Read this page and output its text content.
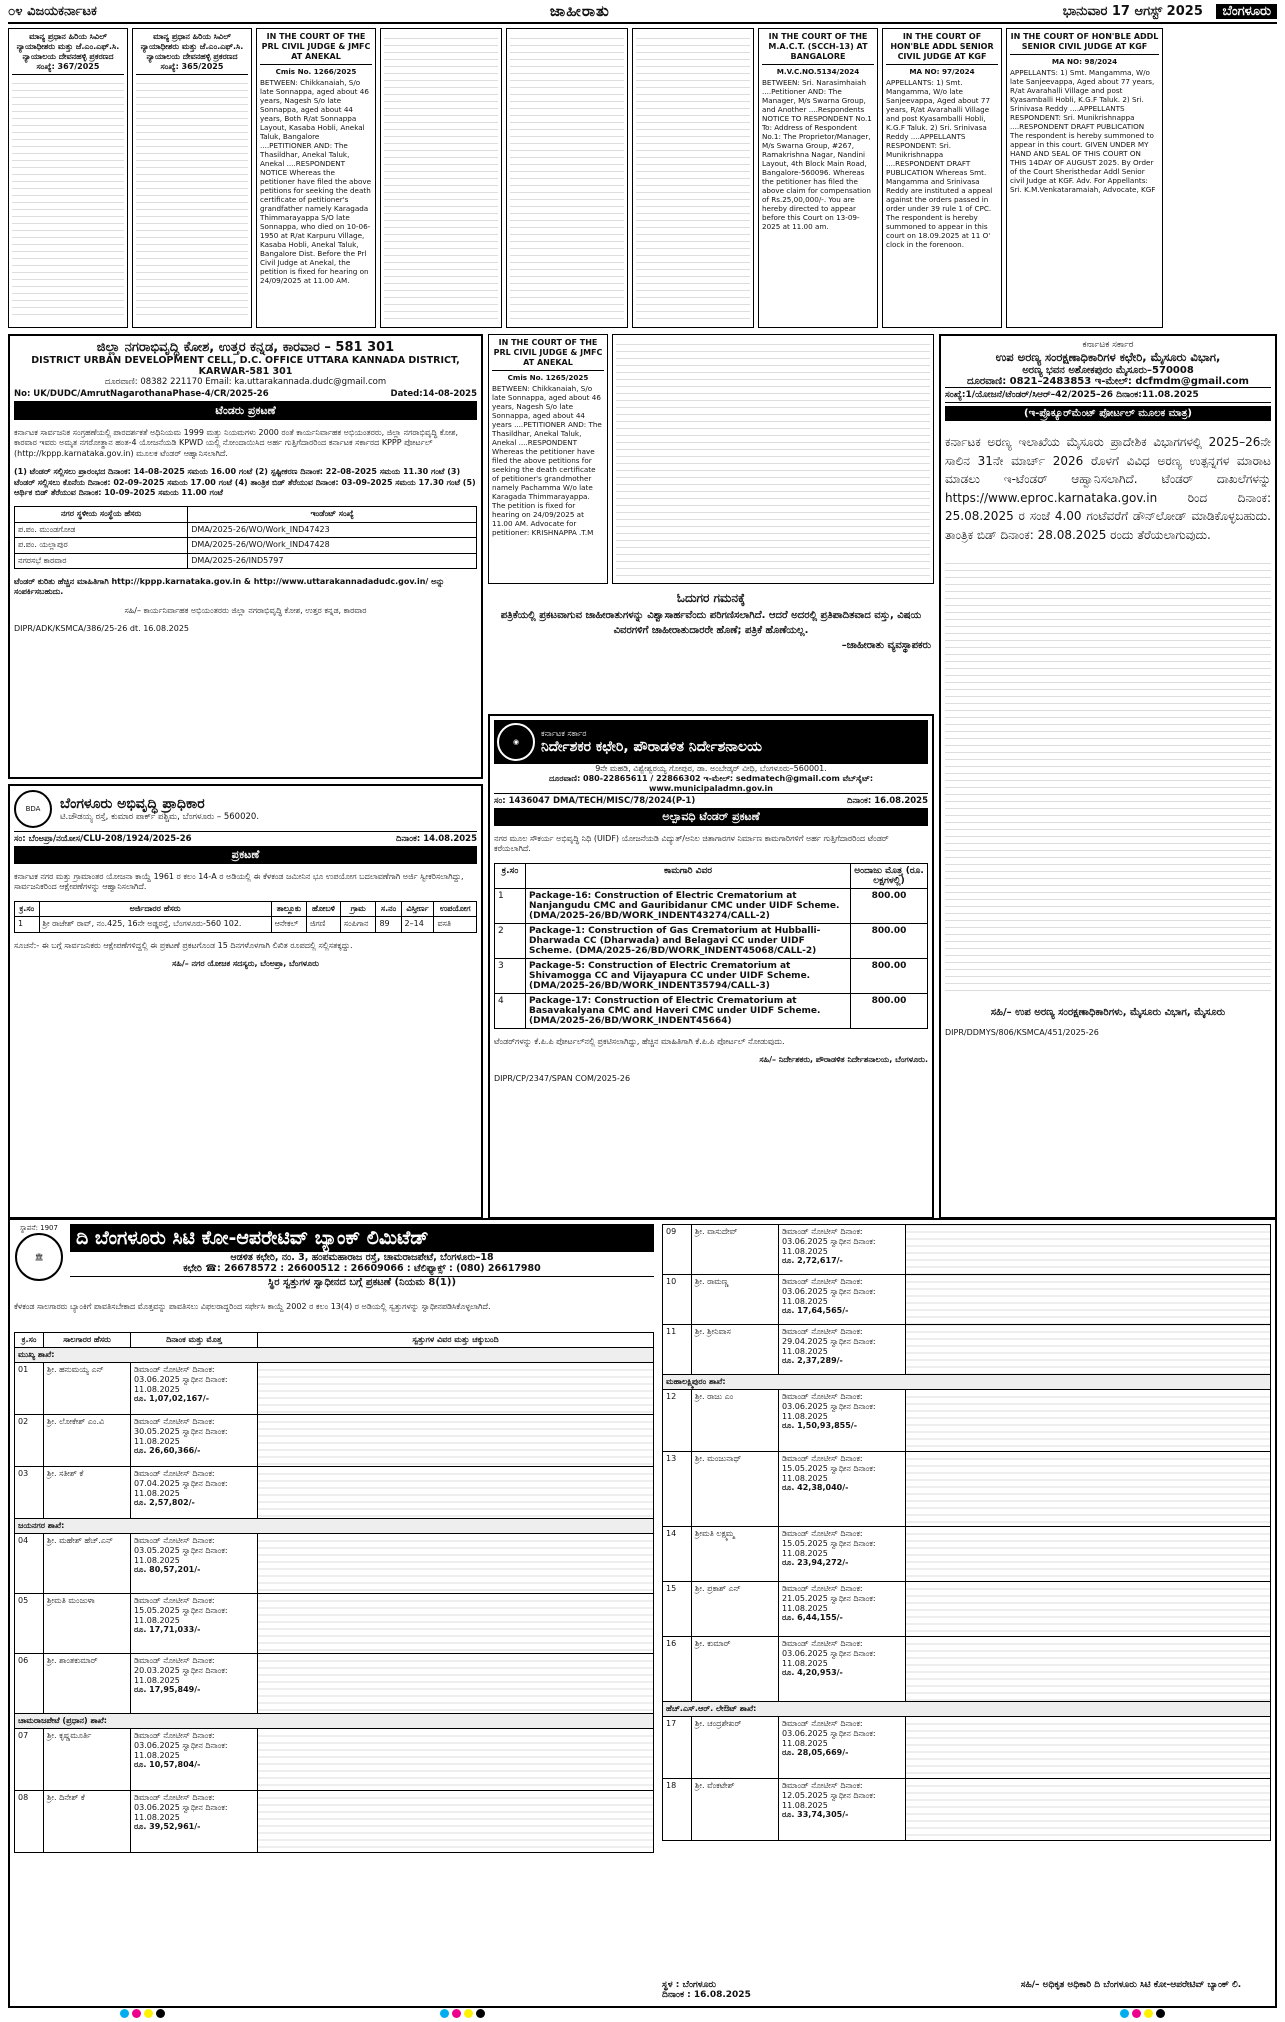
೦೪ ವಿಜಯಕರ್ನಾಟಕ	ಜಾಹೀರಾತು	ಭಾನುವಾರ 17 ಆಗಸ್ಟ್ 2025 ಬೆಂಗಳೂರು
ಮಾನ್ಯ ಪ್ರಧಾನ ಹಿರಿಯ ಸಿವಿಲ್ ನ್ಯಾಯಾಧೀಶರು ಮತ್ತು ಜೆ.ಎಂ.ಎಫ್.ಸಿ. ನ್ಯಾಯಾಲಯ ದೇವನಹಳ್ಳಿ ಪ್ರಕರಣದ ಸಂಖ್ಯೆ: 367/2025
ಮಾನ್ಯ ಪ್ರಧಾನ ಹಿರಿಯ ಸಿವಿಲ್ ನ್ಯಾಯಾಧೀಶರು ಮತ್ತು ಜೆ.ಎಂ.ಎಫ್.ಸಿ. ನ್ಯಾಯಾಲಯ ದೇವನಹಳ್ಳಿ ಪ್ರಕರಣದ ಸಂಖ್ಯೆ: 365/2025
IN THE COURT OF THE PRL CIVIL JUDGE & JMFC AT ANEKAL
Cmis No. 1266/2025

BETWEEN: Chikkanaiah, S/o late Sonnappa, aged about 46 years, Nagesh S/o late Sonnappa, aged about 44 years, Both R/at Sonnappa Layout, Kasaba Hobli, Anekal Taluk, Bangalore ....PETITIONER AND: The Thasildhar, Anekal Taluk, Anekal ....RESPONDENT NOTICE Whereas the petitioner have filed the above petitions for seeking the death certificate of petitioner's grandfather namely Karagada Thimmarayappa S/O late Sonnappa, who died on 10-06-1950 at R/at Karpuru Village, Kasaba Hobli, Anekal Taluk, Bangalore Dist. Before the Prl Civil Judge at Anekal, the petition is fixed for hearing on 24/09/2025 at 11.00 AM.

IN THE COURT OF THE M.A.C.T. (SCCH-13) AT BANGALORE
M.V.C.NO.5134/2024

BETWEEN: Sri. Narasimhaiah ....Petitioner AND: The Manager, M/s Swarna Group, and Another ....Respondents NOTICE TO RESPONDENT No.1 To: Address of Respondent No.1: The Proprietor/Manager, M/s Swarna Group, #267, Ramakrishna Nagar, Nandini Layout, 4th Block Main Road, Bangalore-560096. Whereas the petitioner has filed the above claim for compensation of Rs.25,00,000/-. You are hereby directed to appear before this Court on 13-09-2025 at 11.00 am.

IN THE COURT OF HON'BLE ADDL SENIOR CIVIL JUDGE AT KGF
MA NO: 97/2024

APPELLANTS: 1) Smt. Mangamma, W/o late Sanjeevappa, Aged about 77 years, R/at Avarahalli Village and post Kyasamballi Hobli, K.G.F Taluk. 2) Sri. Srinivasa Reddy ....APPELLANTS RESPONDENT: Sri. Munikrishnappa ....RESPONDENT DRAFT PUBLICATION Whereas Smt. Mangamma and Srinivasa Reddy are instituted a appeal against the orders passed in order under 39 rule 1 of CPC. The respondent is hereby summoned to appear in this court on 18.09.2025 at 11 O' clock in the forenoon.

IN THE COURT OF HON'BLE ADDL SENIOR CIVIL JUDGE AT KGF
MA NO: 98/2024

APPELLANTS: 1) Smt. Mangamma, W/o late Sanjeevappa, Aged about 77 years, R/at Avarahalli Village and post Kyasamballi Hobli, K.G.F Taluk. 2) Sri. Srinivasa Reddy ....APPELLANTS RESPONDENT: Sri. Munikrishnappa ....RESPONDENT DRAFT PUBLICATION The respondent is hereby summoned to appear in this court. GIVEN UNDER MY HAND AND SEAL OF THIS COURT ON THIS 14DAY OF AUGUST 2025. By Order of the Court Sheristhedar Addl Senior civil Judge at KGF. Adv. For Appellants: Sri. K.M.Venkataramaiah, Advocate, KGF

ಜಿಲ್ಲಾ ನಗರಾಭಿವೃದ್ಧಿ ಕೋಶ, ಉತ್ತರ ಕನ್ನಡ, ಕಾರವಾರ – 581 301
DISTRICT URBAN DEVELOPMENT CELL, D.C. OFFICE UTTARA KANNADA DISTRICT, KARWAR-581 301
ದೂರವಾಣಿ: 08382 221170 Email: ka.uttarakannada.dudc@gmail.com
No: UK/DUDC/AmrutNagarothanaPhase-4/CR/2025-26	Dated:14-08-2025
ಟೆಂಡರು ಪ್ರಕಟಣೆ

ಕರ್ನಾಟಕ ಸಾರ್ವಜನಿಕ ಸಂಗ್ರಹಣೆಯಲ್ಲಿ ಪಾರದರ್ಶಕತೆ ಅಧಿನಿಯಮ 1999 ಮತ್ತು ನಿಯಮಗಳು 2000 ರಂತೆ ಕಾರ್ಯನಿರ್ವಾಹಕ ಅಭಿಯಂತರರು, ಜಿಲ್ಲಾ ನಗರಾಭಿವೃದ್ಧಿ ಕೋಶ, ಕಾರವಾರ ಇವರು ಅಮೃತ ನಗರೋತ್ಥಾನ ಹಂತ-4 ಯೋಜನೆಯಡಿ KPWD ಯಲ್ಲಿ ನೋಂದಾಯಿಸಿದ ಅರ್ಹ ಗುತ್ತಿಗೆದಾರರಿಂದ ಕರ್ನಾಟಕ ಸರ್ಕಾರದ KPPP ಪೋರ್ಟಲ್ (http://kppp.karnataka.gov.in) ಮೂಲಕ ಟೆಂಡರ್ ಆಹ್ವಾನಿಸಲಾಗಿದೆ.

(1) ಟೆಂಡರ್ ಸಲ್ಲಿಸಲು ಪ್ರಾರಂಭದ ದಿನಾಂಕ: 14-08-2025 ಸಮಯ 16.00 ಗಂಟೆ (2) ಸ್ಪಷ್ಟೀಕರಣ ದಿನಾಂಕ: 22-08-2025 ಸಮಯ 11.30 ಗಂಟೆ (3) ಟೆಂಡರ್ ಸಲ್ಲಿಸಲು ಕೊನೆಯ ದಿನಾಂಕ: 02-09-2025 ಸಮಯ 17.00 ಗಂಟೆ (4) ತಾಂತ್ರಿಕ ಬಿಡ್ ತೆರೆಯುವ ದಿನಾಂಕ: 03-09-2025 ಸಮಯ 17.30 ಗಂಟೆ (5) ಆರ್ಥಿಕ ಬಿಡ್ ತೆರೆಯುವ ದಿನಾಂಕ: 10-09-2025 ಸಮಯ 11.00 ಗಂಟೆ

ನಗರ ಸ್ಥಳೀಯ ಸಂಸ್ಥೆಯ ಹೆಸರು	ಇಂಡೆಂಟ್ ಸಂಖ್ಯೆ
ಪ.ಪಂ. ಮುಂಡಗೋಡ	DMA/2025-26/WO/Work_IND47423
ಪ.ಪಂ. ಯಲ್ಲಾಪುರ	DMA/2025-26/WO/Work_IND47428
ನಗರಸಭೆ ಕಾರವಾರ	DMA/2025-26/IND5797

ಟೆಂಡರ್ ಕುರಿತು ಹೆಚ್ಚಿನ ಮಾಹಿತಿಗಾಗಿ http://kppp.karnataka.gov.in & http://www.uttarakannadadudc.gov.in/ ಅನ್ನು ಸಂಪರ್ಕಿಸಬಹುದು.

ಸಹಿ/– ಕಾರ್ಯನಿರ್ವಾಹಕ ಅಭಿಯಂತರರು ಜಿಲ್ಲಾ ನಗರಾಭಿವೃದ್ಧಿ ಕೋಶ, ಉತ್ತರ ಕನ್ನಡ, ಕಾರವಾರ

DIPR/ADK/KSMCA/386/25-26 dt. 16.08.2025
IN THE COURT OF THE PRL CIVIL JUDGE & JMFC AT ANEKAL
Cmis No. 1265/2025

BETWEEN: Chikkanaiah, S/o late Sonnappa, aged about 46 years, Nagesh S/o late Sonnappa, aged about 44 years ....PETITIONER AND: The Thasildhar, Anekal Taluk, Anekal ....RESPONDENT Whereas the petitioner have filed the above petitions for seeking the death certificate of petitioner's grandmother namely Pachamma W/o late Karagada Thimmarayappa. The petition is fixed for hearing on 24/09/2025 at 11.00 AM. Advocate for petitioner: KRISHNAPPA .T.M

ಓದುಗರ ಗಮನಕ್ಕೆ

ಪತ್ರಿಕೆಯಲ್ಲಿ ಪ್ರಕಟವಾಗುವ ಜಾಹೀರಾತುಗಳನ್ನು ವಿಶ್ವಾಸಾರ್ಹವೆಂದು ಪರಿಗಣಿಸಲಾಗಿದೆ. ಆದರೆ ಅದರಲ್ಲಿ ಪ್ರತಿಪಾದಿತವಾದ ವಸ್ತು, ವಿಷಯ ವಿವರಗಳಿಗೆ ಜಾಹೀರಾತುದಾರರೇ ಹೊಣೆ; ಪತ್ರಿಕೆ ಹೊಣೆಯಲ್ಲ.

–ಜಾಹೀರಾತು ವ್ಯವಸ್ಥಾಪಕರು
BDA	ಬೆಂಗಳೂರು ಅಭಿವೃದ್ಧಿ ಪ್ರಾಧಿಕಾರ
ಟಿ.ಚೌಡಯ್ಯ ರಸ್ತೆ, ಕುಮಾರ ಪಾರ್ಕ್ ಪಶ್ಚಿಮ, ಬೆಂಗಳೂರು – 560020.
ಸಂ: ಬೆಂಅಪ್ರಾ/ನಯೋಸ/CLU-208/1924/2025-26	ದಿನಾಂಕ: 14.08.2025
ಪ್ರಕಟಣೆ

ಕರ್ನಾಟಕ ನಗರ ಮತ್ತು ಗ್ರಾಮಾಂತರ ಯೋಜನಾ ಕಾಯ್ದೆ 1961 ರ ಕಲಂ 14-A ರ ಅಡಿಯಲ್ಲಿ ಈ ಕೆಳಕಂಡ ಜಮೀನಿನ ಭೂ ಉಪಯೋಗ ಬದಲಾವಣೆಗಾಗಿ ಅರ್ಜಿ ಸ್ವೀಕರಿಸಲಾಗಿದ್ದು, ಸಾರ್ವಜನಿಕರಿಂದ ಆಕ್ಷೇಪಣೆಗಳನ್ನು ಆಹ್ವಾನಿಸಲಾಗಿದೆ.

ಕ್ರ.ಸಂ	ಅರ್ಜಿದಾರರ ಹೆಸರು	ತಾಲ್ಲೂಕು	ಹೋಬಳಿ	ಗ್ರಾಮ	ಸ.ನಂ	ವಿಸ್ತೀರ್ಣ	ಉಪಯೋಗ
1	ಶ್ರೀ ರಾಜೇಶ್ ರಾವ್, ನಂ.425, 16ನೇ ಅಡ್ಡರಸ್ತೆ, ಬೆಂಗಳೂರು-560 102.	ಆನೇಕಲ್	ಜಿಗಣಿ	ಸಂಪಿಗಾನ	89	2–14	ವಸತಿ

ಸೂಚನೆ:- ಈ ಬಗ್ಗೆ ಸಾರ್ವಜನಿಕರು ಆಕ್ಷೇಪಣೆಗಳಿದ್ದಲ್ಲಿ ಈ ಪ್ರಕಟಣೆ ಪ್ರಕಟಗೊಂಡ 15 ದಿನಗಳೊಳಗಾಗಿ ಲಿಖಿತ ರೂಪದಲ್ಲಿ ಸಲ್ಲಿಸತಕ್ಕದ್ದು.

ಸಹಿ/– ನಗರ ಯೋಜಕ ಸದಸ್ಯರು, ಬೆಂಅಪ್ರಾ, ಬೆಂಗಳೂರು

◉
ಕರ್ನಾಟಕ ಸರ್ಕಾರ
ನಿರ್ದೇಶಕರ ಕಛೇರಿ, ಪೌರಾಡಳಿತ ನಿರ್ದೇಶನಾಲಯ
9ನೇ ಮಹಡಿ, ವಿಶ್ವೇಶ್ವರಯ್ಯ ಗೋಪುರ, ಡಾ. ಅಂಬೇಡ್ಕರ್ ವೀಧಿ, ಬೆಂಗಳೂರು–560001.
ದೂರವಾಣಿ: 080-22865611 / 22866302 ಇ-ಮೇಲ್: sedmatech@gmail.com ವೆಬ್‌ಸೈಟ್: www.municipaladmn.gov.in
ಸಂ: 1436047 DMA/TECH/MISC/78/2024(P-1)	ದಿನಾಂಕ: 16.08.2025
ಅಲ್ಪಾವಧಿ ಟೆಂಡರ್ ಪ್ರಕಟಣೆ

ನಗರ ಮೂಲ ಸೌಕರ್ಯ ಅಭಿವೃದ್ಧಿ ನಿಧಿ (UIDF) ಯೋಜನೆಯಡಿ ವಿದ್ಯುತ್/ಅನಿಲ ಚಿತಾಗಾರಗಳ ನಿರ್ಮಾಣ ಕಾಮಗಾರಿಗಳಿಗೆ ಅರ್ಹ ಗುತ್ತಿಗೆದಾರರಿಂದ ಟೆಂಡರ್ ಕರೆಯಲಾಗಿದೆ.

ಕ್ರ.ಸಂ	ಕಾಮಗಾರಿ ವಿವರ	ಅಂದಾಜು ಮೊತ್ತ (ರೂ. ಲಕ್ಷಗಳಲ್ಲಿ)
1	Package-16: Construction of Electric Crematorium at Nanjangudu CMC and Gauribidanur CMC under UIDF Scheme. (DMA/2025-26/BD/WORK_INDENT43274/CALL-2)	800.00
2	Package-1: Construction of Gas Crematorium at Hubballi-Dharwada CC (Dharwada) and Belagavi CC under UIDF Scheme. (DMA/2025-26/BD/WORK_INDENT45068/CALL-2)	800.00
3	Package-5: Construction of Electric Crematorium at Shivamogga CC and Vijayapura CC under UIDF Scheme. (DMA/2025-26/BD/WORK_INDENT35794/CALL-3)	800.00
4	Package-17: Construction of Electric Crematorium at Basavakalyana CMC and Haveri CMC under UIDF Scheme. (DMA/2025-26/BD/WORK_INDENT45664)	800.00

ಟೆಂಡರ್‌ಗಳನ್ನು ಕೆ.ಪಿ.ಪಿ ಪೋರ್ಟಲ್‌ನಲ್ಲಿ ಪ್ರಕಟಿಸಲಾಗಿದ್ದು, ಹೆಚ್ಚಿನ ಮಾಹಿತಿಗಾಗಿ ಕೆ.ಪಿ.ಪಿ ಪೋರ್ಟಲ್ ನೋಡುವುದು.

ಸಹಿ/– ನಿರ್ದೇಶಕರು, ಪೌರಾಡಳಿತ ನಿರ್ದೇಶನಾಲಯ, ಬೆಂಗಳೂರು.

DIPR/CP/2347/SPAN COM/2025-26
ಕರ್ನಾಟಕ ಸರ್ಕಾರ
ಉಪ ಅರಣ್ಯ ಸಂರಕ್ಷಣಾಧಿಕಾರಿಗಳ ಕಛೇರಿ, ಮೈಸೂರು ವಿಭಾಗ,
ಅರಣ್ಯ ಭವನ ಅಶೋಕಪುರಂ ಮೈಸೂರು–570008
ದೂರವಾಣಿ: 0821–2483853 ಇ-ಮೇಲ್: dcfmdm@gmail.com
ಸಂಖ್ಯೆ:1/ಯೋಜನೆ/ಟೆಂಡರ್/ಸಿಆರ್–42/2025–26 ದಿನಾಂಕ:11.08.2025
(ಇ-ಪ್ರೊಕ್ಯೂರ್‌ಮೆಂಟ್ ಪೋರ್ಟಲ್ ಮೂಲಕ ಮಾತ್ರ)

ಕರ್ನಾಟಕ ಅರಣ್ಯ ಇಲಾಖೆಯ ಮೈಸೂರು ಪ್ರಾದೇಶಿಕ ವಿಭಾಗಗಳಲ್ಲಿ 2025–26ನೇ ಸಾಲಿನ 31ನೇ ಮಾರ್ಚ್ 2026 ರೊಳಗೆ ವಿವಿಧ ಅರಣ್ಯ ಉತ್ಪನ್ನಗಳ ಮಾರಾಟ ಮಾಡಲು ಇ-ಟೆಂಡರ್ ಆಹ್ವಾನಿಸಲಾಗಿದೆ. ಟೆಂಡರ್ ದಾಖಲೆಗಳನ್ನು https://www.eproc.karnataka.gov.in ರಿಂದ ದಿನಾಂಕ: 25.08.2025 ರ ಸಂಜೆ 4.00 ಗಂಟೆವರೆಗೆ ಡೌನ್‌ಲೋಡ್ ಮಾಡಿಕೊಳ್ಳಬಹುದು. ತಾಂತ್ರಿಕ ಬಿಡ್ ದಿನಾಂಕ: 28.08.2025 ರಂದು ತೆರೆಯಲಾಗುವುದು.

ಸಹಿ/– ಉಪ ಅರಣ್ಯ ಸಂರಕ್ಷಣಾಧಿಕಾರಿಗಳು, ಮೈಸೂರು ವಿಭಾಗ, ಮೈಸೂರು

DIPR/DDMYS/806/KSMCA/451/2025-26
ಸ್ಥಾಪನೆ: 1907
🏛
ದಿ ಬೆಂಗಳೂರು ಸಿಟಿ ಕೋ-ಆಪರೇಟಿವ್ ಬ್ಯಾಂಕ್ ಲಿಮಿಟೆಡ್
ಆಡಳಿತ ಕಛೇರಿ, ನಂ. 3, ಹಂಪಮಹಾರಾಜ ರಸ್ತೆ, ಚಾಮರಾಜಪೇಟೆ, ಬೆಂಗಳೂರು–18
ಕಛೇರಿ ☎: 26678572 : 26600512 : 26609066 : ಟೆಲಿಫ್ಯಾಕ್ಸ್ : (080) 26617980
ಸ್ಥಿರ ಸ್ವತ್ತುಗಳ ಸ್ವಾಧೀನದ ಬಗ್ಗೆ ಪ್ರಕಟಣೆ (ನಿಯಮ 8(1))

ಕೆಳಕಂಡ ಸಾಲಗಾರರು ಬ್ಯಾಂಕಿಗೆ ಪಾವತಿಸಬೇಕಾದ ಮೊತ್ತವನ್ನು ಪಾವತಿಸಲು ವಿಫಲರಾದ್ದರಿಂದ ಸರ್ಫೇಸಿ ಕಾಯ್ದೆ 2002 ರ ಕಲಂ 13(4) ರ ಅಡಿಯಲ್ಲಿ ಸ್ವತ್ತುಗಳನ್ನು ಸ್ವಾಧೀನಪಡಿಸಿಕೊಳ್ಳಲಾಗಿದೆ.

ಕ್ರ.ಸಂ	ಸಾಲಗಾರರ ಹೆಸರು	ದಿನಾಂಕ ಮತ್ತು ಮೊತ್ತ	ಸ್ವತ್ತುಗಳ ವಿವರ ಮತ್ತು ಚಕ್ಕುಬಂದಿ
ಮುಖ್ಯ ಶಾಖೆ:			
01	ಶ್ರೀ. ಹನುಮಯ್ಯ ಎನ್	ಡಿಮಾಂಡ್ ನೋಟೀಸ್ ದಿನಾಂಕ: 03.06.2025 ಸ್ವಾಧೀನ ದಿನಾಂಕ: 11.08.2025
ರೂ. 1,07,02,167/-	
02	ಶ್ರೀ. ಲೋಕೇಶ್ ಎಂ.ವಿ	ಡಿಮಾಂಡ್ ನೋಟೀಸ್ ದಿನಾಂಕ: 30.05.2025 ಸ್ವಾಧೀನ ದಿನಾಂಕ: 11.08.2025
ರೂ. 26,60,366/-	
03	ಶ್ರೀ. ಸತೀಶ್ ಕೆ	ಡಿಮಾಂಡ್ ನೋಟೀಸ್ ದಿನಾಂಕ: 07.04.2025 ಸ್ವಾಧೀನ ದಿನಾಂಕ: 11.08.2025
ರೂ. 2,57,802/-	
ಜಯನಗರ ಶಾಖೆ:			
04	ಶ್ರೀ. ಮಹೇಶ್ ಹೆಚ್.ಎನ್	ಡಿಮಾಂಡ್ ನೋಟೀಸ್ ದಿನಾಂಕ: 03.05.2025 ಸ್ವಾಧೀನ ದಿನಾಂಕ: 11.08.2025
ರೂ. 80,57,201/-	
05	ಶ್ರೀಮತಿ ಮಂಜುಳಾ	ಡಿಮಾಂಡ್ ನೋಟೀಸ್ ದಿನಾಂಕ: 15.05.2025 ಸ್ವಾಧೀನ ದಿನಾಂಕ: 11.08.2025
ರೂ. 17,71,033/-	
06	ಶ್ರೀ. ಶಾಂತಕುಮಾರ್	ಡಿಮಾಂಡ್ ನೋಟೀಸ್ ದಿನಾಂಕ: 20.03.2025 ಸ್ವಾಧೀನ ದಿನಾಂಕ: 11.08.2025
ರೂ. 17,95,849/-	
ಚಾಮರಾಜಪೇಟೆ (ಪ್ರಧಾನ) ಶಾಖೆ:			
07	ಶ್ರೀ. ಕೃಷ್ಣಮೂರ್ತಿ	ಡಿಮಾಂಡ್ ನೋಟೀಸ್ ದಿನಾಂಕ: 03.06.2025 ಸ್ವಾಧೀನ ದಿನಾಂಕ: 11.08.2025
ರೂ. 10,57,804/-	
08	ಶ್ರೀ. ದಿನೇಶ್ ಕೆ	ಡಿಮಾಂಡ್ ನೋಟೀಸ್ ದಿನಾಂಕ: 03.06.2025 ಸ್ವಾಧೀನ ದಿನಾಂಕ: 11.08.2025
ರೂ. 39,52,961/-	
09	ಶ್ರೀ. ವಾಸುದೇವ್	ಡಿಮಾಂಡ್ ನೋಟೀಸ್ ದಿನಾಂಕ: 03.06.2025 ಸ್ವಾಧೀನ ದಿನಾಂಕ: 11.08.2025
ರೂ. 2,72,617/-	
10	ಶ್ರೀ. ರಾಮಣ್ಣ	ಡಿಮಾಂಡ್ ನೋಟೀಸ್ ದಿನಾಂಕ: 03.06.2025 ಸ್ವಾಧೀನ ದಿನಾಂಕ: 11.08.2025
ರೂ. 17,64,565/-	
11	ಶ್ರೀ. ಶ್ರೀನಿವಾಸ	ಡಿಮಾಂಡ್ ನೋಟೀಸ್ ದಿನಾಂಕ: 29.04.2025 ಸ್ವಾಧೀನ ದಿನಾಂಕ: 11.08.2025
ರೂ. 2,37,289/-	
ಮಹಾಲಕ್ಷ್ಮಿಪುರಂ ಶಾಖೆ:			
12	ಶ್ರೀ. ರಾಜು ಎಂ	ಡಿಮಾಂಡ್ ನೋಟೀಸ್ ದಿನಾಂಕ: 03.06.2025 ಸ್ವಾಧೀನ ದಿನಾಂಕ: 11.08.2025
ರೂ. 1,50,93,855/-	
13	ಶ್ರೀ. ಮಂಜುನಾಥ್	ಡಿಮಾಂಡ್ ನೋಟೀಸ್ ದಿನಾಂಕ: 15.05.2025 ಸ್ವಾಧೀನ ದಿನಾಂಕ: 11.08.2025
ರೂ. 42,38,040/-	
14	ಶ್ರೀಮತಿ ಲಕ್ಷ್ಮಮ್ಮ	ಡಿಮಾಂಡ್ ನೋಟೀಸ್ ದಿನಾಂಕ: 15.05.2025 ಸ್ವಾಧೀನ ದಿನಾಂಕ: 11.08.2025
ರೂ. 23,94,272/-	
15	ಶ್ರೀ. ಪ್ರಕಾಶ್ ಎನ್	ಡಿಮಾಂಡ್ ನೋಟೀಸ್ ದಿನಾಂಕ: 21.05.2025 ಸ್ವಾಧೀನ ದಿನಾಂಕ: 11.08.2025
ರೂ. 6,44,155/-	
16	ಶ್ರೀ. ಕುಮಾರ್	ಡಿಮಾಂಡ್ ನೋಟೀಸ್ ದಿನಾಂಕ: 03.06.2025 ಸ್ವಾಧೀನ ದಿನಾಂಕ: 11.08.2025
ರೂ. 4,20,953/-	
ಹೆಚ್.ಎಸ್.ಆರ್. ಲೇಔಟ್ ಶಾಖೆ:			
17	ಶ್ರೀ. ಚಂದ್ರಶೇಖರ್	ಡಿಮಾಂಡ್ ನೋಟೀಸ್ ದಿನಾಂಕ: 03.06.2025 ಸ್ವಾಧೀನ ದಿನಾಂಕ: 11.08.2025
ರೂ. 28,05,669/-	
18	ಶ್ರೀ. ವೆಂಕಟೇಶ್	ಡಿಮಾಂಡ್ ನೋಟೀಸ್ ದಿನಾಂಕ: 12.05.2025 ಸ್ವಾಧೀನ ದಿನಾಂಕ: 11.08.2025
ರೂ. 33,74,305/-	
ಸ್ಥಳ : ಬೆಂಗಳೂರು
ದಿನಾಂಕ : 16.08.2025
ಸಹಿ/– ಅಧಿಕೃತ ಅಧಿಕಾರಿ ದಿ ಬೆಂಗಳೂರು ಸಿಟಿ ಕೋ-ಆಪರೇಟಿವ್ ಬ್ಯಾಂಕ್ ಲಿ.
